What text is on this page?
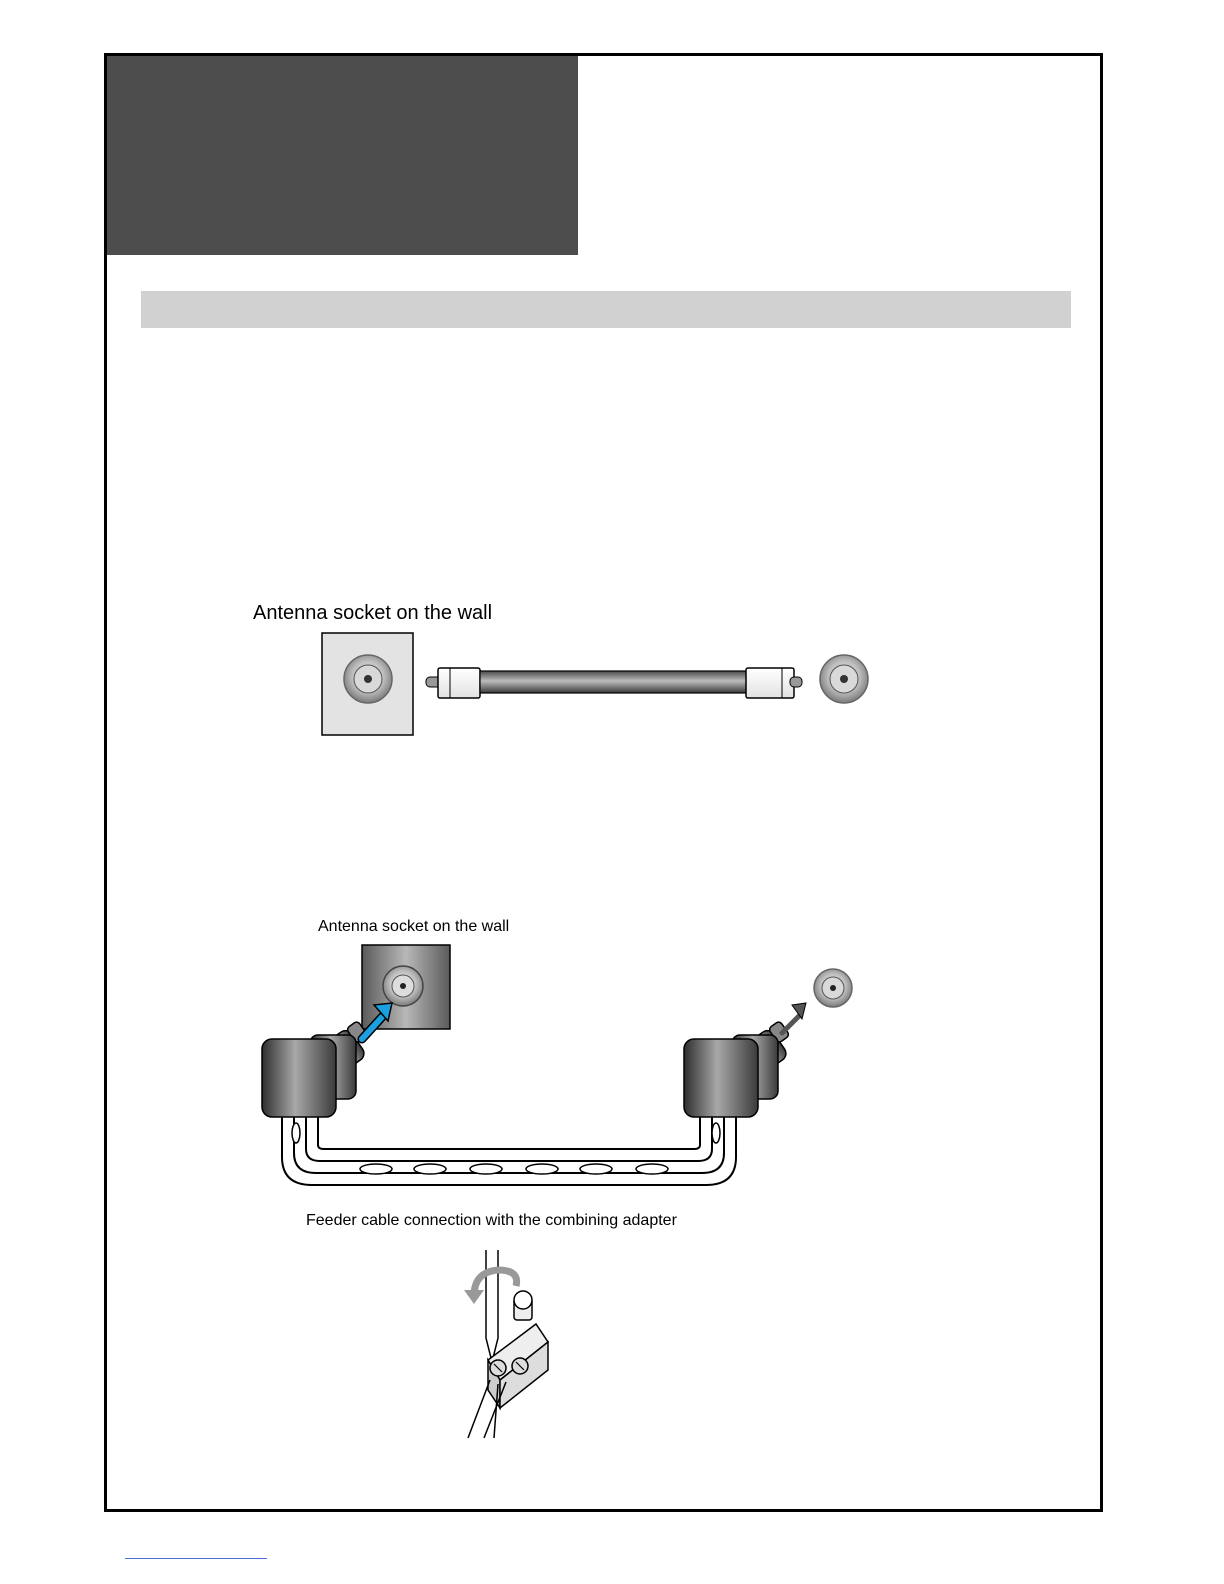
Antenna socket on the wall
Antenna socket on the wall
Feeder cable connection with the combining adapter
